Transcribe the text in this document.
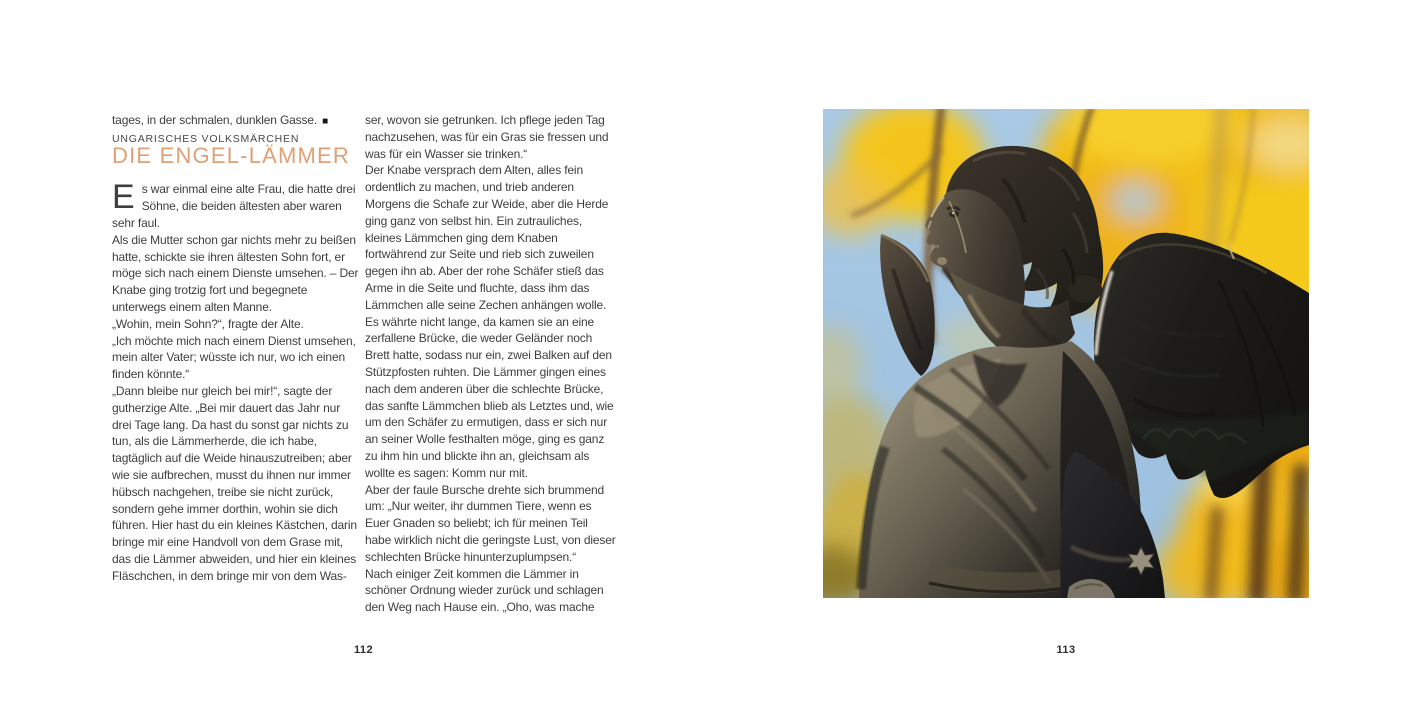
tages, in der schmalen, dunklen Gasse. ■

UNGARISCHES VOLKSMÄRCHEN

DIE ENGEL-LÄMMER

Es war einmal eine alte Frau, die hatte drei Söhne, die beiden ältesten aber waren sehr faul.

Als die Mutter schon gar nichts mehr zu beißen hatte, schickte sie ihren ältesten Sohn fort, er möge sich nach einem Dienste umsehen. – Der Knabe ging trotzig fort und begegnete unterwegs einem alten Manne.

„Wohin, mein Sohn?“, fragte der Alte.

„Ich möchte mich nach einem Dienst umsehen, mein alter Vater; wüsste ich nur, wo ich einen finden könnte.“

„Dann bleibe nur gleich bei mir!“, sagte der gutherzige Alte. „Bei mir dauert das Jahr nur drei Tage lang. Da hast du sonst gar nichts zu tun, als die Lämmerherde, die ich habe, tagtäglich auf die Weide hinauszutreiben; aber wie sie aufbrechen, musst du ihnen nur immer hübsch nachgehen, treibe sie nicht zurück, sondern gehe immer dorthin, wohin sie dich führen. Hier hast du ein kleines Kästchen, darin bringe mir eine Handvoll von dem Grase mit, das die Lämmer abweiden, und hier ein kleines Fläschchen, in dem bringe mir von dem Was-

ser, wovon sie getrunken. Ich pflege jeden Tag nachzusehen, was für ein Gras sie fressen und was für ein Wasser sie trinken.“

Der Knabe versprach dem Alten, alles fein ordentlich zu machen, und trieb anderen Morgens die Schafe zur Weide, aber die Herde ging ganz von selbst hin. Ein zutrauliches, kleines Lämmchen ging dem Knaben fortwährend zur Seite und rieb sich zuweilen gegen ihn ab. Aber der rohe Schäfer stieß das Arme in die Seite und fluchte, dass ihm das Lämmchen alle seine Zechen anhängen wolle. Es währte nicht lange, da kamen sie an eine zerfallene Brücke, die weder Geländer noch Brett hatte, sodass nur ein, zwei Balken auf den Stützpfosten ruhten. Die Lämmer gingen eines nach dem anderen über die schlechte Brücke, das sanfte Lämmchen blieb als Letztes und, wie um den Schäfer zu ermutigen, dass er sich nur an seiner Wolle festhalten möge, ging es ganz zu ihm hin und blickte ihn an, gleichsam als wollte es sagen: Komm nur mit.

Aber der faule Bursche drehte sich brummend um: „Nur weiter, ihr dummen Tiere, wenn es Euer Gnaden so beliebt; ich für meinen Teil habe wirklich nicht die geringste Lust, von dieser schlechten Brücke hinunterzuplumpsen.“

Nach einiger Zeit kommen die Lämmer in schöner Ordnung wieder zurück und schlagen den Weg nach Hause ein. „Oho, was mache

112	113
